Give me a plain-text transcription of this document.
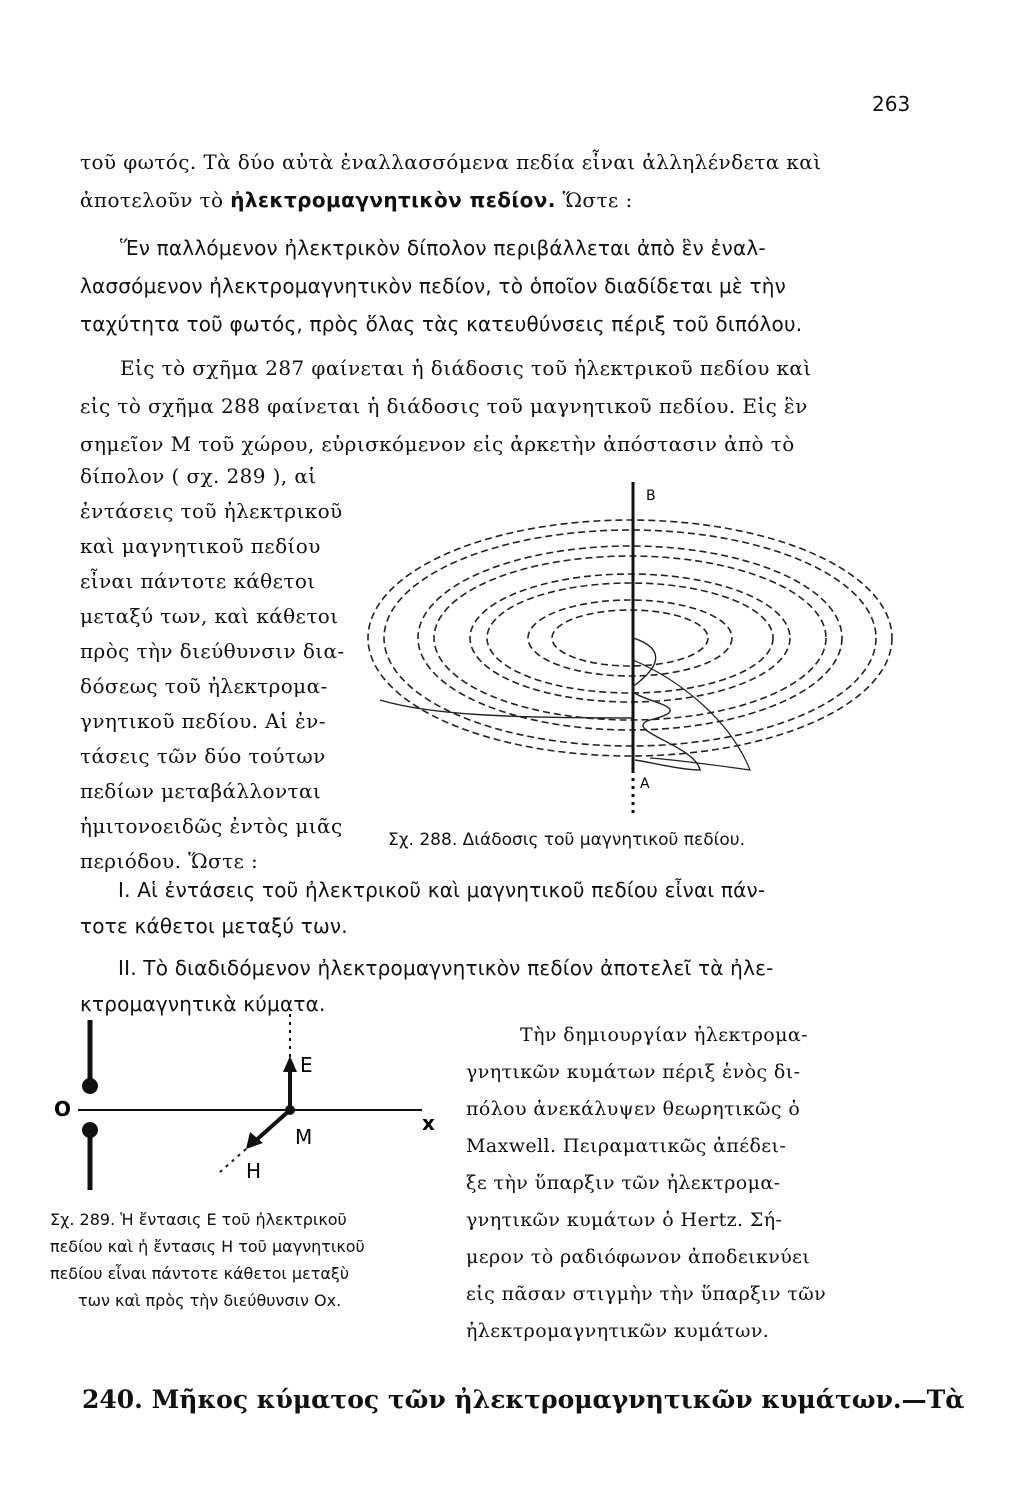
263
τοῦ φωτός. Τὰ δύο αὐτὰ ἐναλλασσόμενα πεδία εἶναι ἀλληλένδετα καὶ
ἀποτελοῦν τὸ ἠλεκτρομαγνητικὸν πεδίον. Ὥστε :
Ἕν παλλόμενον ἠλεκτρικὸν δίπολον περιβάλλεται ἀπὸ ἓν ἐναλ-
λασσόμενον ἠλεκτρομαγνητικὸν πεδίον, τὸ ὁποῖον διαδίδεται μὲ τὴν
ταχύτητα τοῦ φωτός, πρὸς ὅλας τὰς κατευθύνσεις πέριξ τοῦ διπόλου.
Εἰς τὸ σχῆμα 287 φαίνεται ἡ διάδοσις τοῦ ἠλεκτρικοῦ πεδίου καὶ
εἰς τὸ σχῆμα 288 φαίνεται ἡ διάδοσις τοῦ μαγνητικοῦ πεδίου. Εἰς ἓν
σημεῖον Μ τοῦ χώρου, εὑρισκόμενον εἰς ἀρκετὴν ἀπόστασιν ἀπὸ τὸ
δίπολον ( σχ. 289 ), αἱ
ἐντάσεις τοῦ ἠλεκτρικοῦ
καὶ μαγνητικοῦ πεδίου
εἶναι πάντοτε κάθετοι
μεταξύ των, καὶ κάθετοι
πρὸς τὴν διεύθυνσιν δια-
δόσεως τοῦ ἠλεκτρομα-
γνητικοῦ πεδίου. Αἱ ἐν-
τάσεις τῶν δύο τούτων
πεδίων μεταβάλλονται
ἡμιτονοειδῶς ἐντὸς μιᾶς
περιόδου. Ὥστε :
B
A
Σχ. 288. Διάδοσις τοῦ μαγνητικοῦ πεδίου.
I. Αἱ ἐντάσεις τοῦ ἠλεκτρικοῦ καὶ μαγνητικοῦ πεδίου εἶναι πάν-
τοτε κάθετοι μεταξύ των.
II. Τὸ διαδιδόμενον ἠλεκτρομαγνητικὸν πεδίον ἀποτελεῖ τὰ ἠλε-
κτρομαγνητικὰ κύματα.
O
E
x
M
H
Σχ. 289. Ἡ ἔντασις Ε τοῦ ἠλεκτρικοῦ
πεδίου καὶ ἡ ἔντασις Η τοῦ μαγνητικοῦ
πεδίου εἶναι πάντοτε κάθετοι μεταξὺ
των καὶ πρὸς τὴν διεύθυνσιν Οx.
Τὴν δημιουργίαν ἠλεκτρομα-
γνητικῶν κυμάτων πέριξ ἑνὸς δι-
πόλου ἀνεκάλυψεν θεωρητικῶς ὁ
Maxwell. Πειραματικῶς ἀπέδει-
ξε τὴν ὕπαρξιν τῶν ἠλεκτρομα-
γνητικῶν κυμάτων ὁ Hertz. Σή-
μερον τὸ ραδιόφωνον ἀποδεικνύει
εἰς πᾶσαν στιγμὴν τὴν ὕπαρξιν τῶν
ἠλεκτρομαγνητικῶν κυμάτων.
240. Μῆκος κύματος τῶν ἠλεκτρομαγνητικῶν κυμάτων.—Τὰ
